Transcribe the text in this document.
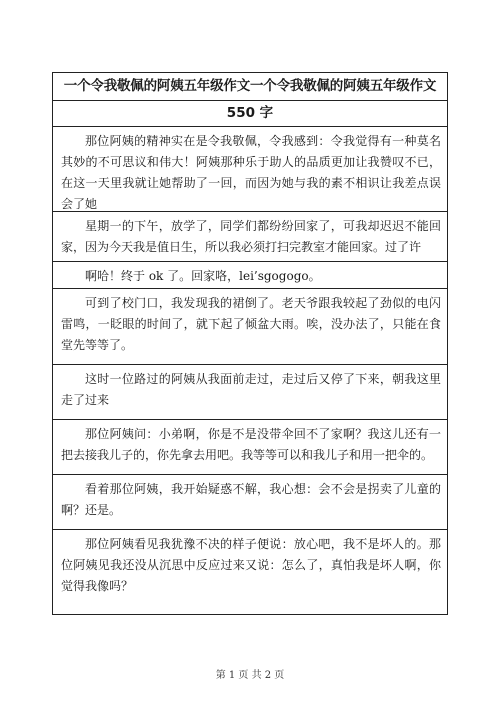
一个令我敬佩的阿姨五年级作文一个令我敬佩的阿姨五年级作文
550 字
那位阿姨的精神实在是令我敬佩，令我感到：令我觉得有一种莫名其妙的不可思议和伟大！阿姨那种乐于助人的品质更加让我赞叹不已，在这一天里我就让她帮助了一回，而因为她与我的素不相识让我差点误会了她
星期一的下午，放学了，同学们都纷纷回家了，可我却迟迟不能回家，因为今天我是值日生，所以我必须打扫完教室才能回家。过了许
啊哈！终于 ok 了。回家咯，lei’sgogogo。
可到了校门口，我发现我的裙倒了。老天爷跟我较起了劲似的电闪雷鸣，一眨眼的时间了，就下起了倾盆大雨。唉，没办法了，只能在食堂先等等了。
这时一位路过的阿姨从我面前走过，走过后又停了下来，朝我这里走了过来
那位阿姨问：小弟啊，你是不是没带伞回不了家啊？我这儿还有一把去接我儿子的，你先拿去用吧。我等等可以和我儿子和用一把伞的。
看着那位阿姨，我开始疑惑不解，我心想：会不会是拐卖了儿童的啊？还是。
那位阿姨看见我犹豫不决的样子便说：放心吧，我不是坏人的。那位阿姨见我还没从沉思中反应过来又说：怎么了，真怕我是坏人啊，你觉得我像吗？
第 1 页 共 2 页
